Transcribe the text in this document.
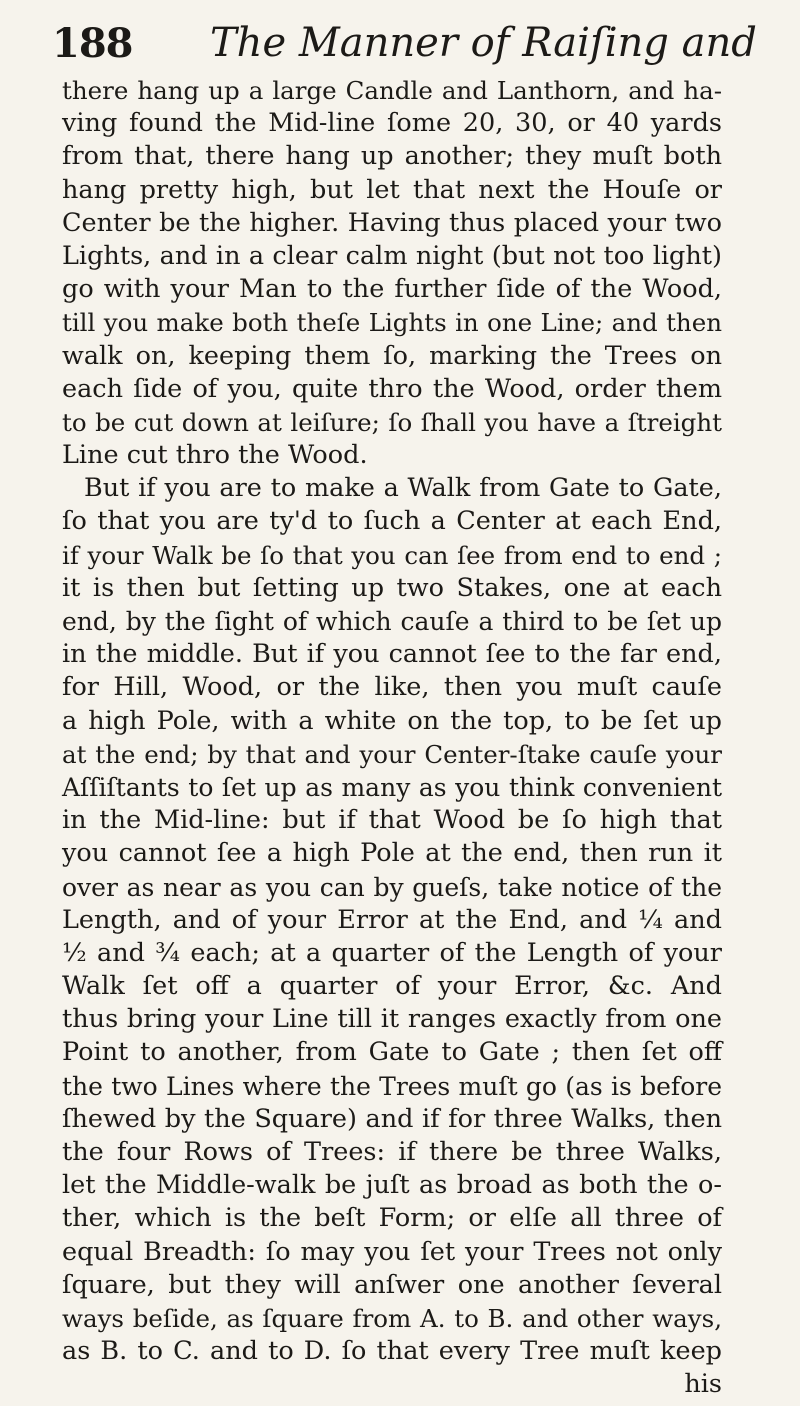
188 The Manner of Raiſing and
there hang up a large Candle and Lanthorn, and ha-
ving found the Mid-line ſome 20, 30, or 40 yards
from that, there hang up another; they muſt both
hang pretty high, but let that next the Houſe or
Center be the higher. Having thus placed your two
Lights, and in a clear calm night (but not too light)
go with your Man to the further ſide of the Wood,
till you make both theſe Lights in one Line; and then
walk on, keeping them ſo, marking the Trees on
each ſide of you, quite thro the Wood, order them
to be cut down at leiſure; ſo ſhall you have a ſtreight
Line cut thro the Wood.
But if you are to make a Walk from Gate to Gate,
ſo that you are ty'd to ſuch a Center at each End,
if your Walk be ſo that you can ſee from end to end ;
it is then but ſetting up two Stakes, one at each
end, by the ſight of which cauſe a third to be ſet up
in the middle. But if you cannot ſee to the far end,
for Hill, Wood, or the like, then you muſt cauſe
a high Pole, with a white on the top, to be ſet up
at the end; by that and your Center-ſtake cauſe your
Aſſiſtants to ſet up as many as you think convenient
in the Mid-line: but if that Wood be ſo high that
you cannot ſee a high Pole at the end, then run it
over as near as you can by gueſs, take notice of the
Length, and of your Error at the End, and ¼ and
½ and ¾ each; at a quarter of the Length of your
Walk ſet off a quarter of your Error, &c. And
thus bring your Line till it ranges exactly from one
Point to another, from Gate to Gate ; then ſet off
the two Lines where the Trees muſt go (as is before
ſhewed by the Square) and if for three Walks, then
the four Rows of Trees: if there be three Walks,
let the Middle-walk be juſt as broad as both the o-
ther, which is the beſt Form; or elſe all three of
equal Breadth: ſo may you ſet your Trees not only
ſquare, but they will anſwer one another ſeveral
ways beſide, as ſquare from A. to B. and other ways,
as B. to C. and to D. ſo that every Tree muſt keep
his
